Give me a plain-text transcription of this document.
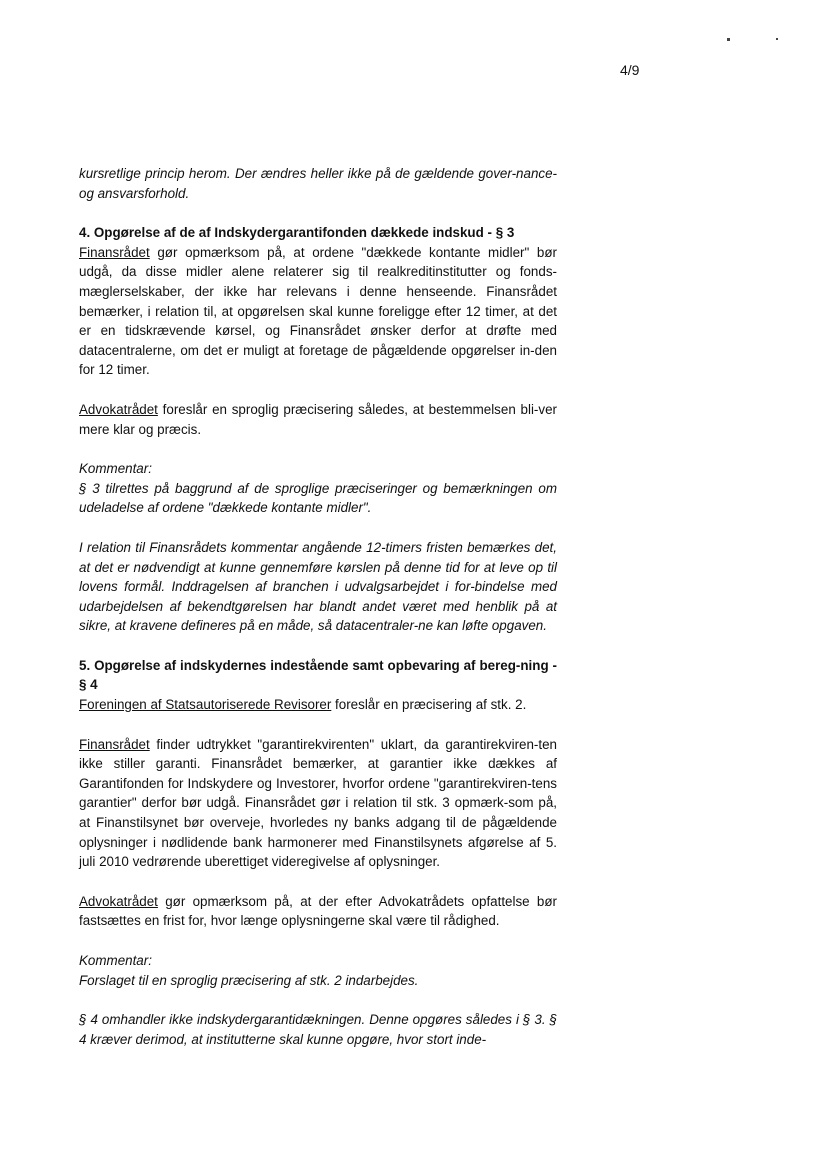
4/9

kursretlige princip herom. Der ændres heller ikke på de gældende gover-nance- og ansvarsforhold.

4. Opgørelse af de af Indskydergarantifonden dækkede indskud - § 3

Finansrådet gør opmærksom på, at ordene "dækkede kontante midler" bør udgå, da disse midler alene relaterer sig til realkreditinstitutter og fonds-mæglerselskaber, der ikke har relevans i denne henseende. Finansrådet bemærker, i relation til, at opgørelsen skal kunne foreligge efter 12 timer, at det er en tidskrævende kørsel, og Finansrådet ønsker derfor at drøfte med datacentralerne, om det er muligt at foretage de pågældende opgørelser in-den for 12 timer.

Advokatrådet foreslår en sproglig præcisering således, at bestemmelsen bli-ver mere klar og præcis.

Kommentar:

§ 3 tilrettes på baggrund af de sproglige præciseringer og bemærkningen om udeladelse af ordene "dækkede kontante midler".

I relation til Finansrådets kommentar angående 12-timers fristen bemærkes det, at det er nødvendigt at kunne gennemføre kørslen på denne tid for at leve op til lovens formål. Inddragelsen af branchen i udvalgsarbejdet i for-bindelse med udarbejdelsen af bekendtgørelsen har blandt andet været med henblik på at sikre, at kravene defineres på en måde, så datacentraler-ne kan løfte opgaven.

5. Opgørelse af indskydernes indestående samt opbevaring af bereg-ning - § 4

Foreningen af Statsautoriserede Revisorer foreslår en præcisering af stk. 2.

Finansrådet finder udtrykket "garantirekvirenten" uklart, da garantirekviren-ten ikke stiller garanti. Finansrådet bemærker, at garantier ikke dækkes af Garantifonden for Indskydere og Investorer, hvorfor ordene "garantirekviren-tens garantier" derfor bør udgå. Finansrådet gør i relation til stk. 3 opmærk-som på, at Finanstilsynet bør overveje, hvorledes ny banks adgang til de pågældende oplysninger i nødlidende bank harmonerer med Finanstilsynets afgørelse af 5. juli 2010 vedrørende uberettiget videregivelse af oplysninger.

Advokatrådet gør opmærksom på, at der efter Advokatrådets opfattelse bør fastsættes en frist for, hvor længe oplysningerne skal være til rådighed.

Kommentar:

Forslaget til en sproglig præcisering af stk. 2 indarbejdes.

§ 4 omhandler ikke indskydergarantidækningen. Denne opgøres således i § 3. § 4 kræver derimod, at institutterne skal kunne opgøre, hvor stort inde-
